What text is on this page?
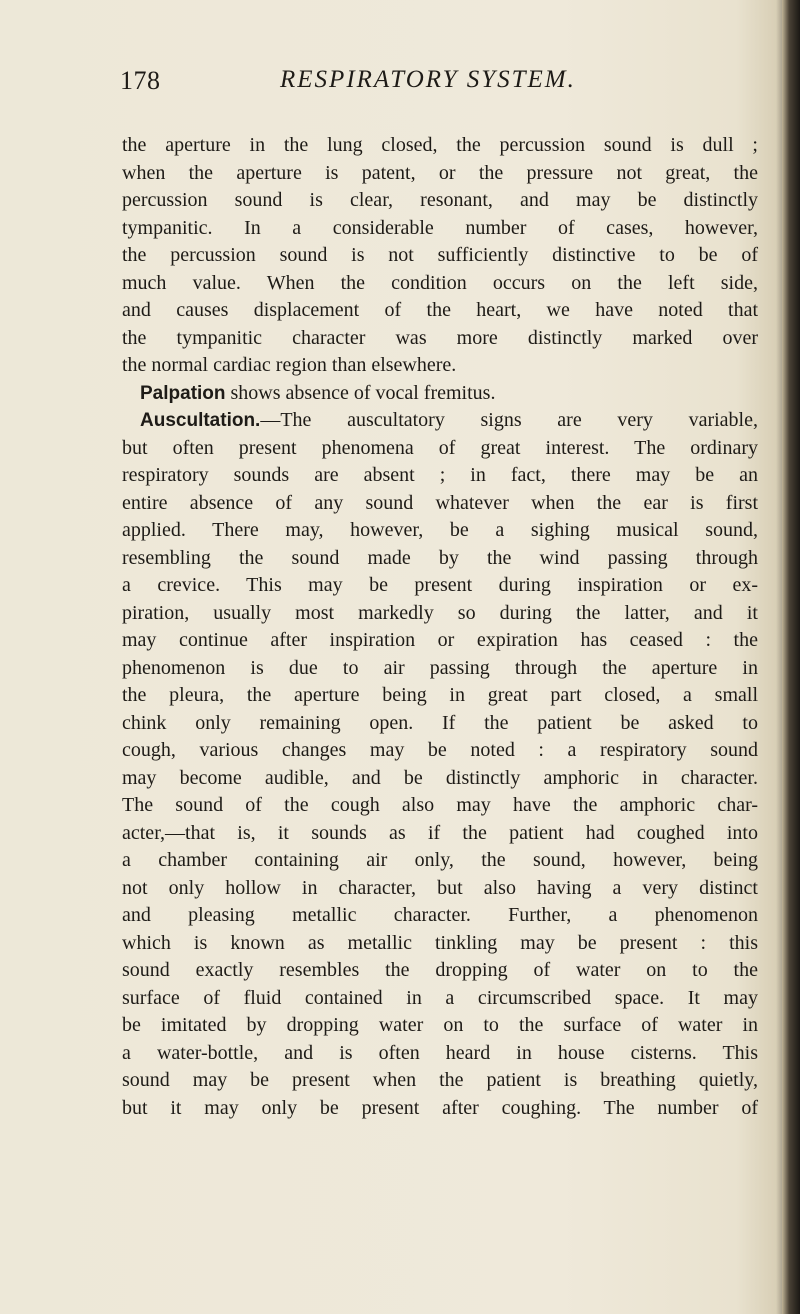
178	RESPIRATORY SYSTEM.
the aperture in the lung closed, the percussion sound is dull ;
when the aperture is patent, or the pressure not great, the
percussion sound is clear, resonant, and may be distinctly
tympanitic. In a considerable number of cases, however,
the percussion sound is not sufficiently distinctive to be of
much value. When the condition occurs on the left side,
and causes displacement of the heart, we have noted that
the tympanitic character was more distinctly marked over
the normal cardiac region than elsewhere.
Palpation shows absence of vocal fremitus.
Auscultation.—The auscultatory signs are very variable,
but often present phenomena of great interest. The ordinary
respiratory sounds are absent ; in fact, there may be an
entire absence of any sound whatever when the ear is first
applied. There may, however, be a sighing musical sound,
resembling the sound made by the wind passing through
a crevice. This may be present during inspiration or ex-
piration, usually most markedly so during the latter, and it
may continue after inspiration or expiration has ceased : the
phenomenon is due to air passing through the aperture in
the pleura, the aperture being in great part closed, a small
chink only remaining open. If the patient be asked to
cough, various changes may be noted : a respiratory sound
may become audible, and be distinctly amphoric in character.
The sound of the cough also may have the amphoric char-
acter,—that is, it sounds as if the patient had coughed into
a chamber containing air only, the sound, however, being
not only hollow in character, but also having a very distinct
and pleasing metallic character. Further, a phenomenon
which is known as metallic tinkling may be present : this
sound exactly resembles the dropping of water on to the
surface of fluid contained in a circumscribed space. It may
be imitated by dropping water on to the surface of water in
a water-bottle, and is often heard in house cisterns. This
sound may be present when the patient is breathing quietly,
but it may only be present after coughing. The number of
